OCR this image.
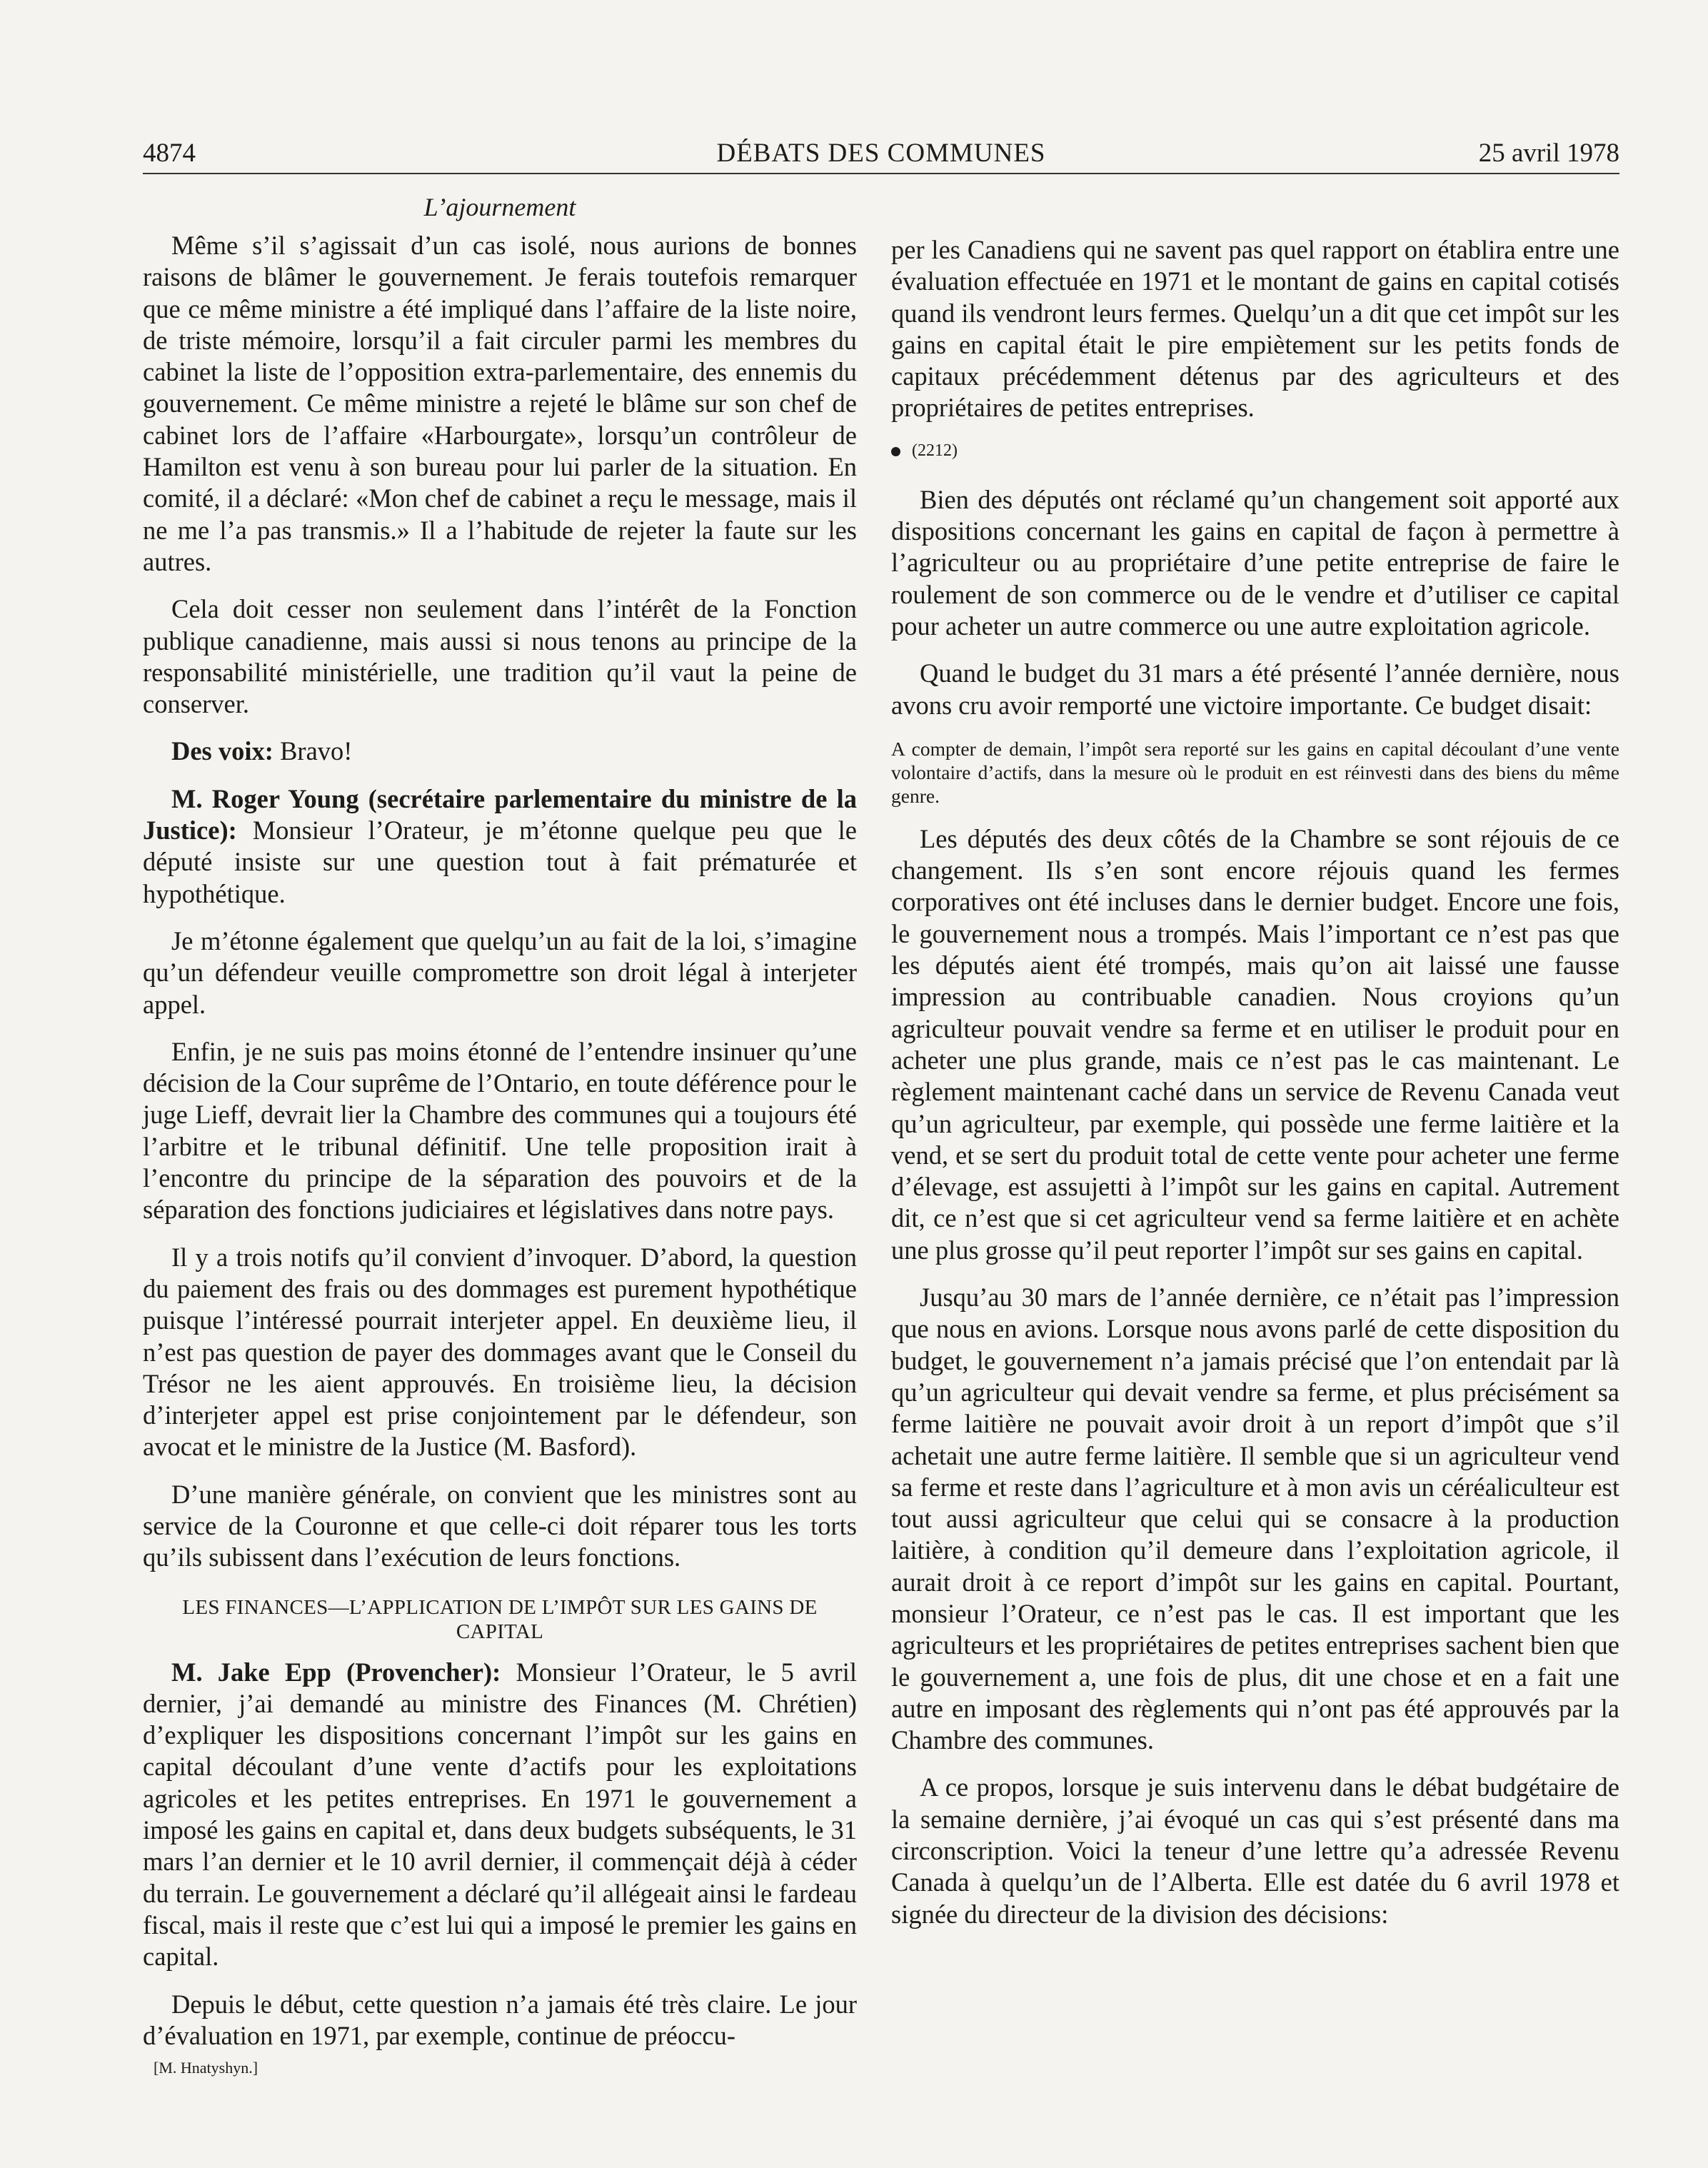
4874	DÉBATS DES COMMUNES	25 avril 1978
L’ajournement

Même s’il s’agissait d’un cas isolé, nous aurions de bonnes raisons de blâmer le gouvernement. Je ferais toutefois remarquer que ce même ministre a été impliqué dans l’affaire de la liste noire, de triste mémoire, lorsqu’il a fait circuler parmi les membres du cabinet la liste de l’opposition extra-parlementaire, des ennemis du gouvernement. Ce même ministre a rejeté le blâme sur son chef de cabinet lors de l’affaire «Harbourgate», lorsqu’un contrôleur de Hamilton est venu à son bureau pour lui parler de la situation. En comité, il a déclaré: «Mon chef de cabinet a reçu le message, mais il ne me l’a pas transmis.» Il a l’habitude de rejeter la faute sur les autres.

Cela doit cesser non seulement dans l’intérêt de la Fonction publique canadienne, mais aussi si nous tenons au principe de la responsabilité ministérielle, une tradition qu’il vaut la peine de conserver.

Des voix: Bravo!

M. Roger Young (secrétaire parlementaire du ministre de la Justice): Monsieur l’Orateur, je m’étonne quelque peu que le député insiste sur une question tout à fait prématurée et hypothétique.

Je m’étonne également que quelqu’un au fait de la loi, s’imagine qu’un défendeur veuille compromettre son droit légal à interjeter appel.

Enfin, je ne suis pas moins étonné de l’entendre insinuer qu’une décision de la Cour suprême de l’Ontario, en toute déférence pour le juge Lieff, devrait lier la Chambre des communes qui a toujours été l’arbitre et le tribunal définitif. Une telle proposition irait à l’encontre du principe de la séparation des pouvoirs et de la séparation des fonctions judiciaires et législatives dans notre pays.

Il y a trois notifs qu’il convient d’invoquer. D’abord, la question du paiement des frais ou des dommages est purement hypothétique puisque l’intéressé pourrait interjeter appel. En deuxième lieu, il n’est pas question de payer des dommages avant que le Conseil du Trésor ne les aient approuvés. En troisième lieu, la décision d’interjeter appel est prise conjointement par le défendeur, son avocat et le ministre de la Justice (M. Basford).

D’une manière générale, on convient que les ministres sont au service de la Couronne et que celle-ci doit réparer tous les torts qu’ils subissent dans l’exécution de leurs fonctions.

LES FINANCES—L’APPLICATION DE L’IMPÔT SUR LES GAINS DE CAPITAL

M. Jake Epp (Provencher): Monsieur l’Orateur, le 5 avril dernier, j’ai demandé au ministre des Finances (M. Chrétien) d’expliquer les dispositions concernant l’impôt sur les gains en capital découlant d’une vente d’actifs pour les exploitations agricoles et les petites entreprises. En 1971 le gouvernement a imposé les gains en capital et, dans deux budgets subséquents, le 31 mars l’an dernier et le 10 avril dernier, il commençait déjà à céder du terrain. Le gouvernement a déclaré qu’il allégeait ainsi le fardeau fiscal, mais il reste que c’est lui qui a imposé le premier les gains en capital.

Depuis le début, cette question n’a jamais été très claire. Le jour d’évaluation en 1971, par exemple, continue de préoccu-

[M. Hnatyshyn.]

per les Canadiens qui ne savent pas quel rapport on établira entre une évaluation effectuée en 1971 et le montant de gains en capital cotisés quand ils vendront leurs fermes. Quelqu’un a dit que cet impôt sur les gains en capital était le pire empiètement sur les petits fonds de capitaux précédemment détenus par des agriculteurs et des propriétaires de petites entreprises.

(2212)

Bien des députés ont réclamé qu’un changement soit apporté aux dispositions concernant les gains en capital de façon à permettre à l’agriculteur ou au propriétaire d’une petite entreprise de faire le roulement de son commerce ou de le vendre et d’utiliser ce capital pour acheter un autre commerce ou une autre exploitation agricole.

Quand le budget du 31 mars a été présenté l’année dernière, nous avons cru avoir remporté une victoire importante. Ce budget disait:

A compter de demain, l’impôt sera reporté sur les gains en capital découlant d’une vente volontaire d’actifs, dans la mesure où le produit en est réinvesti dans des biens du même genre.

Les députés des deux côtés de la Chambre se sont réjouis de ce changement. Ils s’en sont encore réjouis quand les fermes corporatives ont été incluses dans le dernier budget. Encore une fois, le gouvernement nous a trompés. Mais l’important ce n’est pas que les députés aient été trompés, mais qu’on ait laissé une fausse impression au contribuable canadien. Nous croyions qu’un agriculteur pouvait vendre sa ferme et en utiliser le produit pour en acheter une plus grande, mais ce n’est pas le cas maintenant. Le règlement maintenant caché dans un service de Revenu Canada veut qu’un agriculteur, par exemple, qui possède une ferme laitière et la vend, et se sert du produit total de cette vente pour acheter une ferme d’élevage, est assujetti à l’impôt sur les gains en capital. Autrement dit, ce n’est que si cet agriculteur vend sa ferme laitière et en achète une plus grosse qu’il peut reporter l’impôt sur ses gains en capital.

Jusqu’au 30 mars de l’année dernière, ce n’était pas l’impression que nous en avions. Lorsque nous avons parlé de cette disposition du budget, le gouvernement n’a jamais précisé que l’on entendait par là qu’un agriculteur qui devait vendre sa ferme, et plus précisément sa ferme laitière ne pouvait avoir droit à un report d’impôt que s’il achetait une autre ferme laitière. Il semble que si un agriculteur vend sa ferme et reste dans l’agriculture et à mon avis un céréaliculteur est tout aussi agriculteur que celui qui se consacre à la production laitière, à condition qu’il demeure dans l’exploitation agricole, il aurait droit à ce report d’impôt sur les gains en capital. Pourtant, monsieur l’Orateur, ce n’est pas le cas. Il est important que les agriculteurs et les propriétaires de petites entreprises sachent bien que le gouvernement a, une fois de plus, dit une chose et en a fait une autre en imposant des règlements qui n’ont pas été approuvés par la Chambre des communes.

A ce propos, lorsque je suis intervenu dans le débat budgétaire de la semaine dernière, j’ai évoqué un cas qui s’est présenté dans ma circonscription. Voici la teneur d’une lettre qu’a adressée Revenu Canada à quelqu’un de l’Alberta. Elle est datée du 6 avril 1978 et signée du directeur de la division des décisions:
